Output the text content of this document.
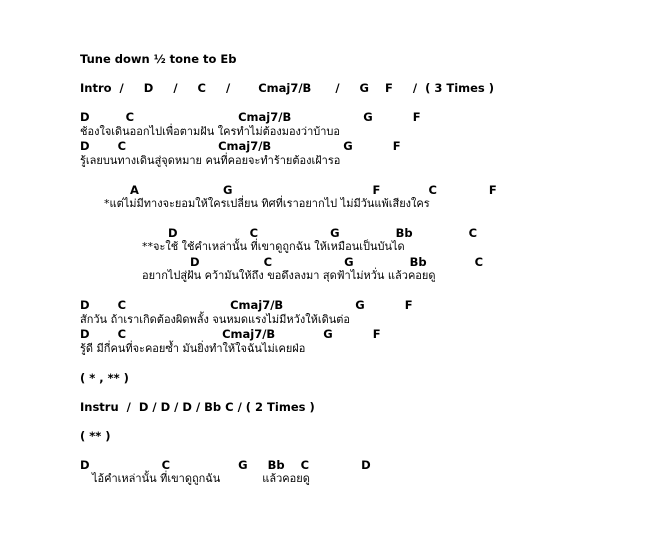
Tune down ½ tone to Eb
Intro  /     D     /     C     /       Cmaj7/B      /     G    F     /  ( 3 Times )
D         C                          Cmaj7/B                  G          F
ช้องใจเดินออกไปเพื่อตามฝัน ใครทำไม่ต้องมองว่าบ้าบอ
D       C                       Cmaj7/B                  G          F
รู้เลยบนทางเดินสู่จุดหมาย คนที่คอยจะทำร้ายต้องเฝ้ารอ
A                     G                                   F            C             F
*แต่ไม่มีทางจะยอมให้ใครเปลี่ยน ทิศที่เราอยากไป ไม่มีวันแพ้เสียงใคร
D                  C                  G              Bb              C
**จะใช้ ใช้คำเหล่านั้น ที่เขาดูถูกฉัน ให้เหมือนเป็นบันได
D                C                  G              Bb            C
อยากไปสู่ฝัน คว้ามันให้ถึง ขอดึงลงมา สุดฟ้าไม่หวั่น แล้วคอยดู
D       C                          Cmaj7/B                  G          F
สักวัน ถ้าเราเกิดต้องผิดพลั้ง จนหมดแรงไม่มีหวังให้เดินต่อ
D       C                        Cmaj7/B            G          F
รู้ดี มีกี่คนที่จะคอยซ้ำ มันยิ่งทำให้ใจฉันไม่เคยฝ่อ
( * , ** )
Instru  /  D / D / D / Bb C / ( 2 Times )
( ** )
D                  C                 G     Bb    C             D
ไอ้คำเหล่านั้น ที่เขาดูถูกฉัน            แล้วคอยดู
